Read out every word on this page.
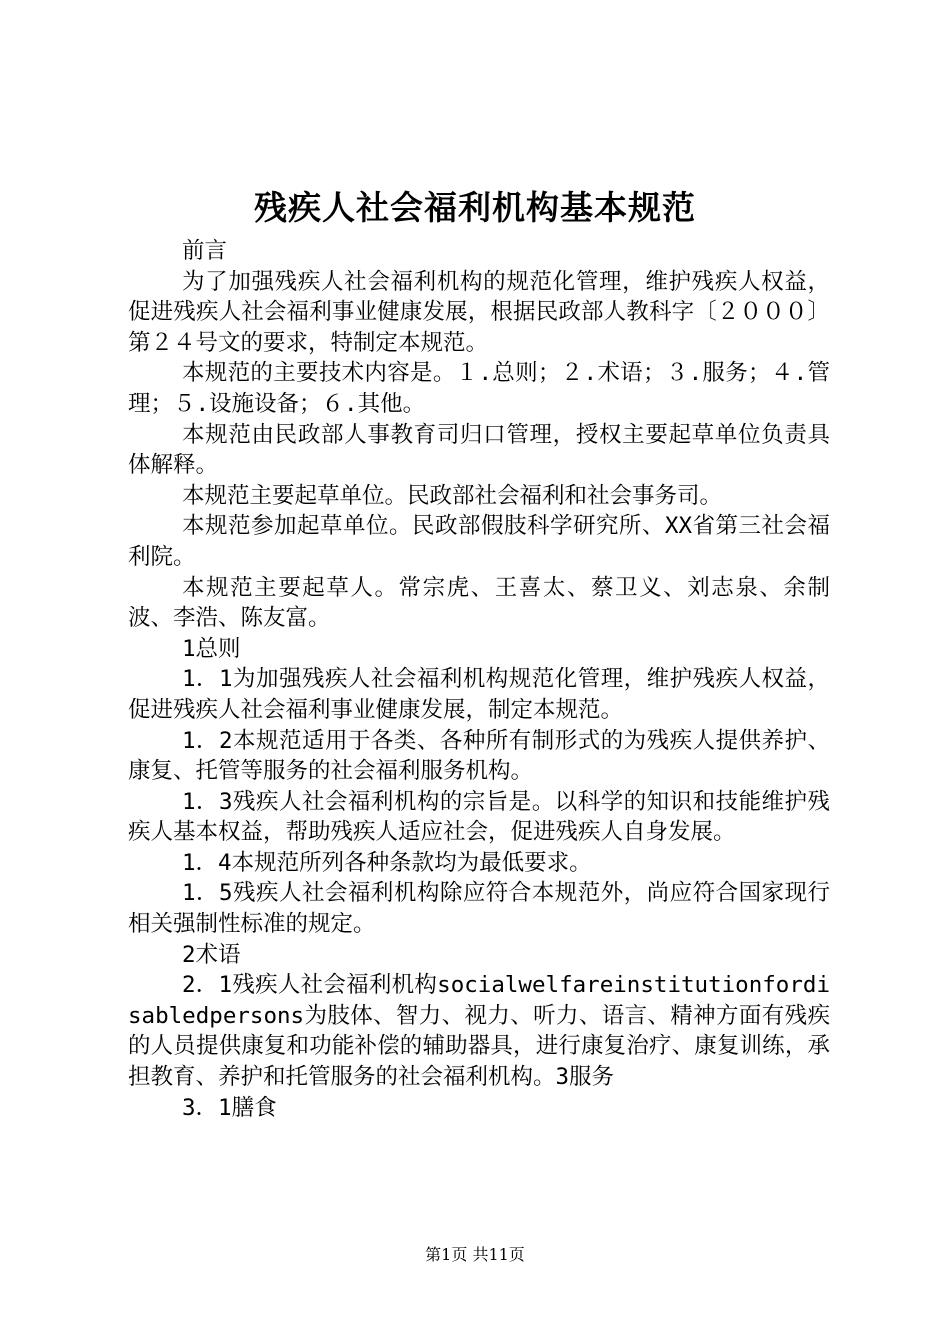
残疾人社会福利机构基本规范

前言

为了加强残疾人社会福利机构的规范化管理，维护残疾人权益，促进残疾人社会福利事业健康发展，根据民政部人教科字〔２０００〕第２４号文的要求，特制定本规范。

本规范的主要技术内容是。１.总则；２.术语；３.服务；４.管理；５.设施设备；６.其他。

本规范由民政部人事教育司归口管理，授权主要起草单位负责具体解释。

本规范主要起草单位。民政部社会福利和社会事务司。

本规范参加起草单位。民政部假肢科学研究所、XX省第三社会福利院。

本规范主要起草人。常宗虎、王喜太、蔡卫义、刘志泉、余制波、李浩、陈友富。

1总则

1．1为加强残疾人社会福利机构规范化管理，维护残疾人权益，促进残疾人社会福利事业健康发展，制定本规范。

1．2本规范适用于各类、各种所有制形式的为残疾人提供养护、康复、托管等服务的社会福利服务机构。

1．3残疾人社会福利机构的宗旨是。以科学的知识和技能维护残疾人基本权益，帮助残疾人适应社会，促进残疾人自身发展。

1．4本规范所列各种条款均为最低要求。

1．5残疾人社会福利机构除应符合本规范外，尚应符合国家现行相关强制性标准的规定。

2术语

2．1残疾人社会福利机构socialwelfareinstitutionfordisabledpersons为肢体、智力、视力、听力、语言、精神方面有残疾的人员提供康复和功能补偿的辅助器具，进行康复治疗、康复训练，承担教育、养护和托管服务的社会福利机构。3服务

3．1膳食

第1页 共11页
